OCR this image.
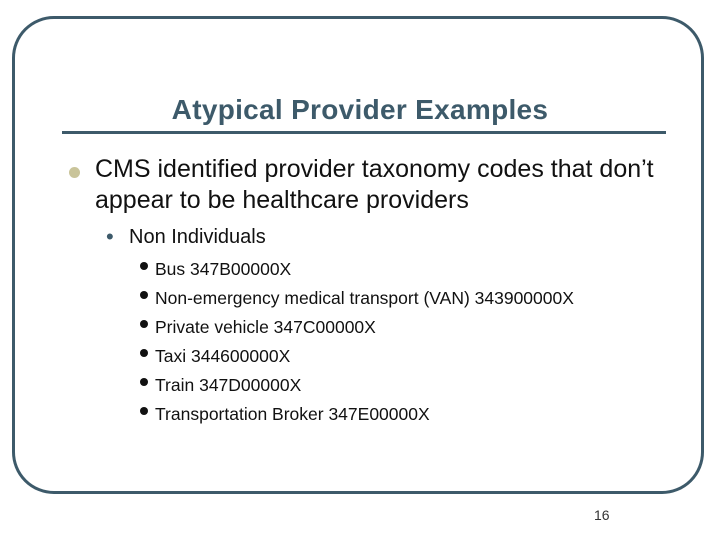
Atypical Provider Examples
CMS identified provider taxonomy codes that don’t appear to be healthcare providers
• Non Individuals
Bus 347B00000X
Non-emergency medical transport (VAN) 343900000X
Private vehicle 347C00000X
Taxi 344600000X
Train 347D00000X
Transportation Broker 347E00000X
16
